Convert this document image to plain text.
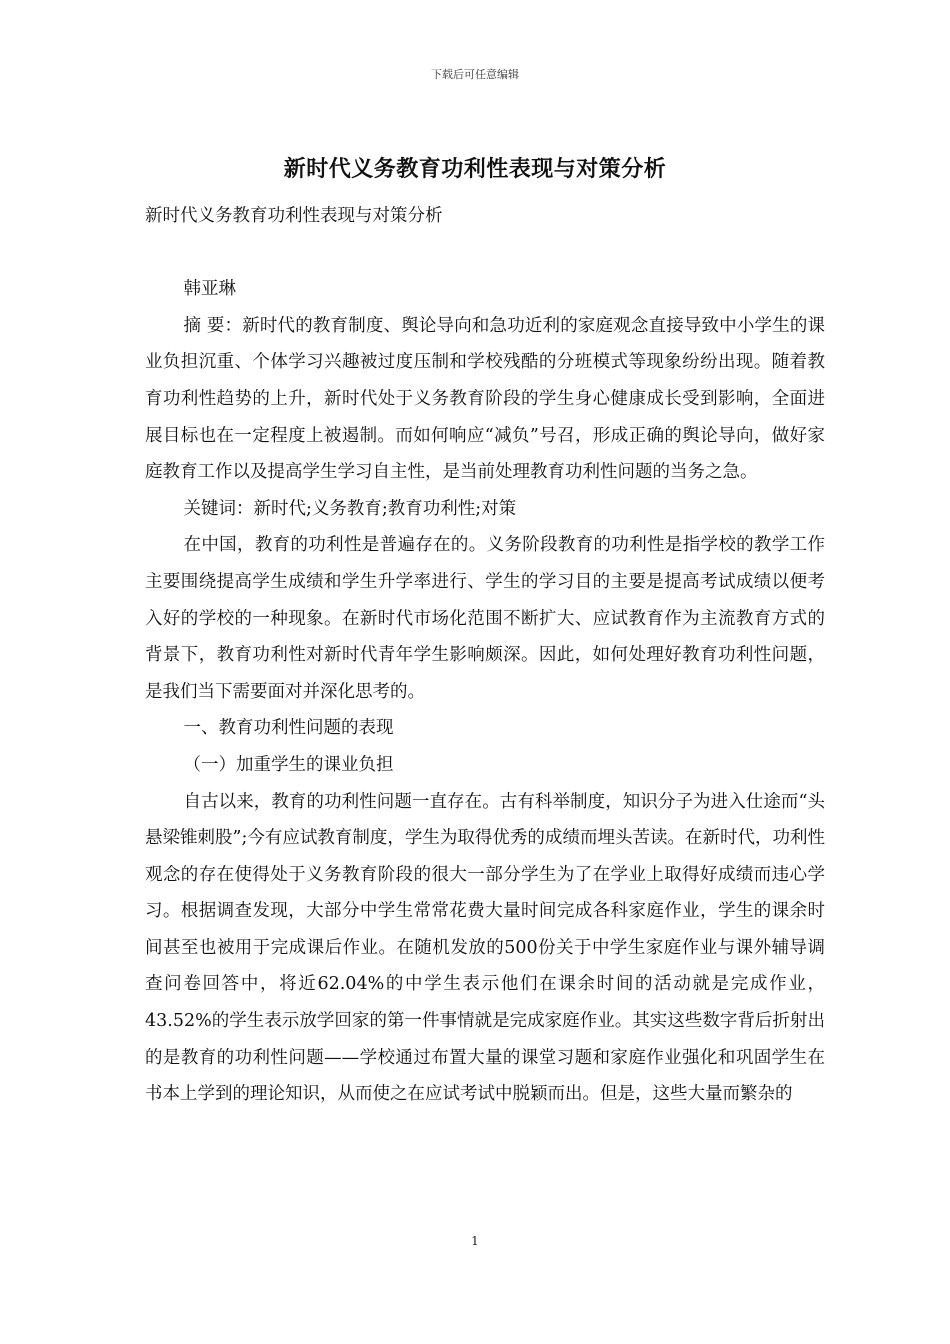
下载后可任意编辑
新时代义务教育功利性表现与对策分析

新时代义务教育功利性表现与对策分析

韩亚琳

摘 要：新时代的教育制度、舆论导向和急功近利的家庭观念直接导致中小学生的课业负担沉重、个体学习兴趣被过度压制和学校残酷的分班模式等现象纷纷出现。随着教育功利性趋势的上升，新时代处于义务教育阶段的学生身心健康成长受到影响，全面进展目标也在一定程度上被遏制。而如何响应“减负”号召，形成正确的舆论导向，做好家庭教育工作以及提高学生学习自主性，是当前处理教育功利性问题的当务之急。

关键词：新时代;义务教育;教育功利性;对策

在中国，教育的功利性是普遍存在的。义务阶段教育的功利性是指学校的教学工作主要围绕提高学生成绩和学生升学率进行、学生的学习目的主要是提高考试成绩以便考入好的学校的一种现象。在新时代市场化范围不断扩大、应试教育作为主流教育方式的背景下，教育功利性对新时代青年学生影响颇深。因此，如何处理好教育功利性问题，是我们当下需要面对并深化思考的。

一、教育功利性问题的表现

（一）加重学生的课业负担

自古以来，教育的功利性问题一直存在。古有科举制度，知识分子为进入仕途而“头悬梁锥刺股”;今有应试教育制度，学生为取得优秀的成绩而埋头苦读。在新时代，功利性观念的存在使得处于义务教育阶段的很大一部分学生为了在学业上取得好成绩而违心学习。根据调查发现，大部分中学生常常花费大量时间完成各科家庭作业，学生的课余时间甚至也被用于完成课后作业。在随机发放的500份关于中学生家庭作业与课外辅导调查问卷回答中，将近62.04%的中学生表示他们在课余时间的活动就是完成作业，43.52%的学生表示放学回家的第一件事情就是完成家庭作业。其实这些数字背后折射出的是教育的功利性问题——学校通过布置大量的课堂习题和家庭作业强化和巩固学生在书本上学到的理论知识，从而使之在应试考试中脱颖而出。但是，这些大量而繁杂的

1
